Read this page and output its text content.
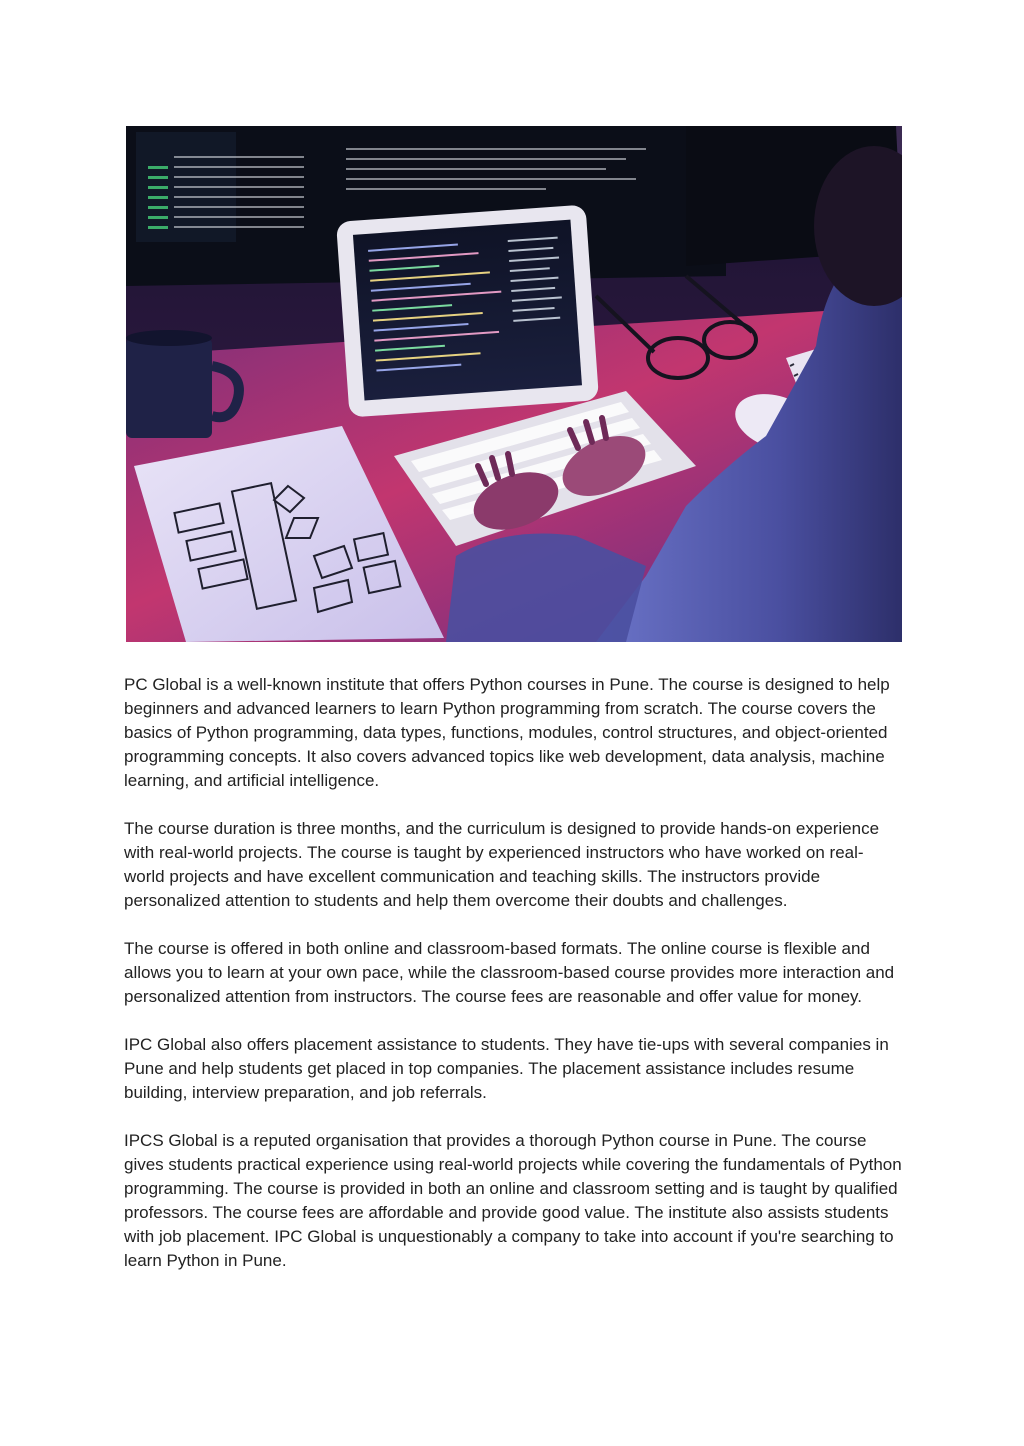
PC Global is a well-known institute that offers Python courses in Pune. The course is designed to help beginners and advanced learners to learn Python programming from scratch. The course covers the basics of Python programming, data types, functions, modules, control structures, and object-oriented programming concepts. It also covers advanced topics like web development, data analysis, machine learning, and artificial intelligence.

The course duration is three months, and the curriculum is designed to provide hands-on experience with real-world projects. The course is taught by experienced instructors who have worked on real-world projects and have excellent communication and teaching skills. The instructors provide personalized attention to students and help them overcome their doubts and challenges.

The course is offered in both online and classroom-based formats. The online course is flexible and allows you to learn at your own pace, while the classroom-based course provides more interaction and personalized attention from instructors. The course fees are reasonable and offer value for money.

IPC Global also offers placement assistance to students. They have tie-ups with several companies in Pune and help students get placed in top companies. The placement assistance includes resume building, interview preparation, and job referrals.

IPCS Global is a reputed organisation that provides a thorough Python course in Pune. The course gives students practical experience using real-world projects while covering the fundamentals of Python programming. The course is provided in both an online and classroom setting and is taught by qualified professors. The course fees are affordable and provide good value. The institute also assists students with job placement. IPC Global is unquestionably a company to take into account if you're searching to learn Python in Pune.
